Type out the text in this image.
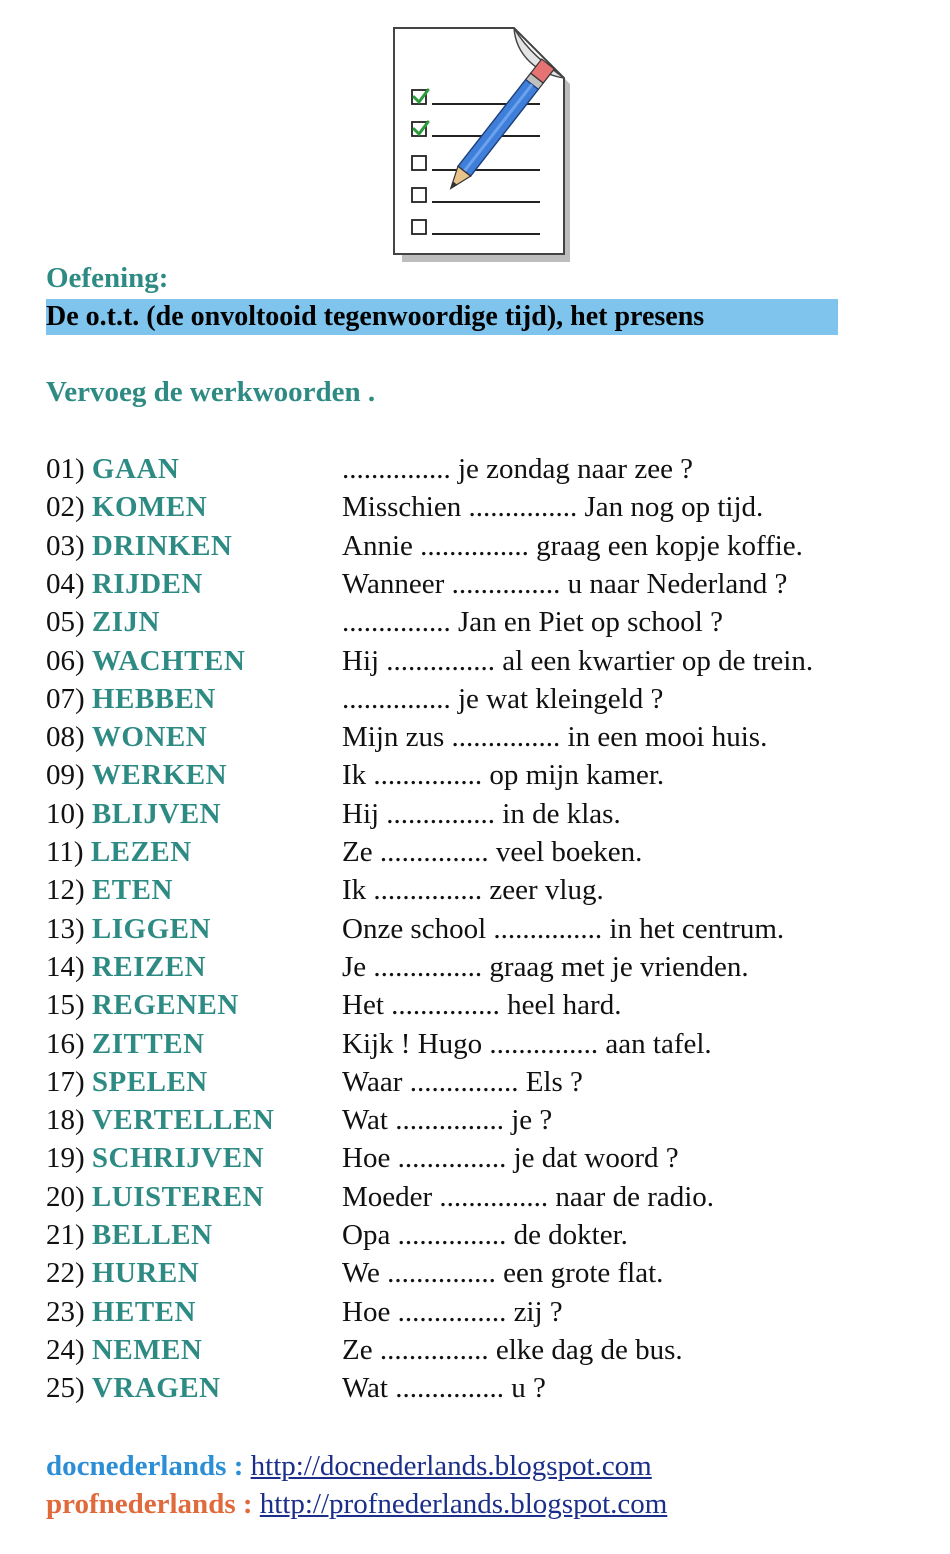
Oefening:
De o.t.t. (de onvoltooid tegenwoordige tijd), het presens
Vervoeg de werkwoorden .
01) GAAN	............... je zondag naar zee ?
02) KOMEN	Misschien ............... Jan nog op tijd.
03) DRINKEN	Annie ............... graag een kopje koffie.
04) RIJDEN	Wanneer ............... u naar Nederland ?
05) ZIJN	............... Jan en Piet op school ?
06) WACHTEN	Hij ............... al een kwartier op de trein.
07) HEBBEN	............... je wat kleingeld ?
08) WONEN	Mijn zus ............... in een mooi huis.
09) WERKEN	Ik ............... op mijn kamer.
10) BLIJVEN	Hij ............... in de klas.
11) LEZEN	Ze ............... veel boeken.
12) ETEN	Ik ............... zeer vlug.
13) LIGGEN	Onze school ............... in het centrum.
14) REIZEN	Je ............... graag met je vrienden.
15) REGENEN	Het ............... heel hard.
16) ZITTEN	Kijk ! Hugo ............... aan tafel.
17) SPELEN	Waar ............... Els ?
18) VERTELLEN Wat ............... je ?
19) SCHRIJVEN	Hoe ............... je dat woord ?
20) LUISTEREN	Moeder ............... naar de radio.
21) BELLEN	Opa ............... de dokter.
22) HUREN	We ............... een grote flat.
23) HETEN	Hoe ............... zij ?
24) NEMEN	Ze ............... elke dag de bus.
25) VRAGEN	Wat ............... u ?
docnederlands : http://docnederlands.blogspot.com
profnederlands : http://profnederlands.blogspot.com
